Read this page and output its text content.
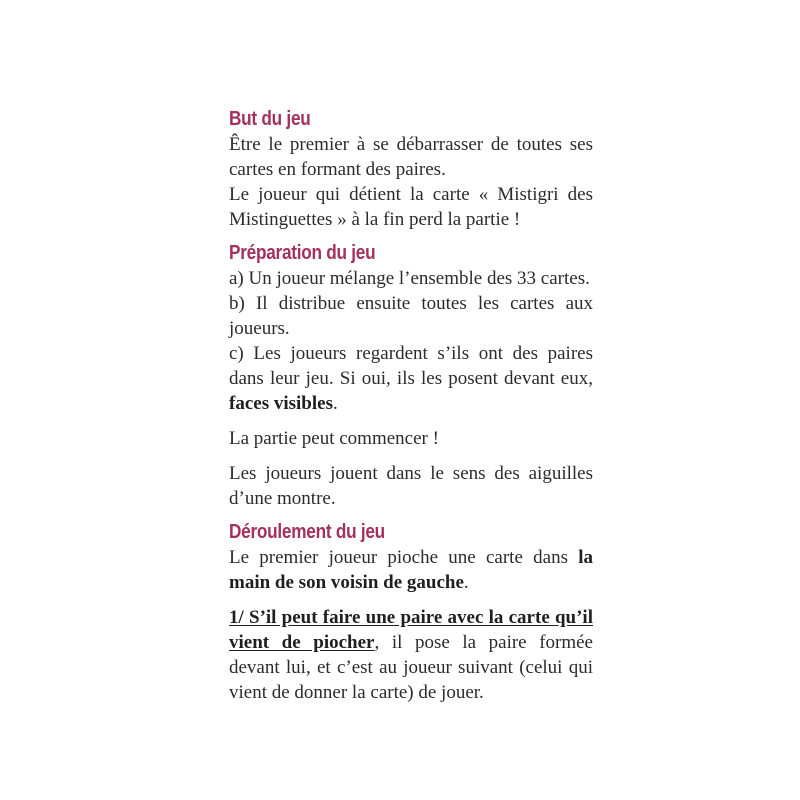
But du jeu

Être le premier à se débarrasser de toutes ses cartes en formant des paires.

Le joueur qui détient la carte « Mistigri des Mistinguettes » à la fin perd la partie !

Préparation du jeu

a) Un joueur mélange l’ensemble des 33 cartes.

b) Il distribue ensuite toutes les cartes aux joueurs.

c) Les joueurs regardent s’ils ont des paires dans leur jeu. Si oui, ils les posent devant eux, faces visibles.

La partie peut commencer !

Les joueurs jouent dans le sens des aiguilles d’une montre.

Déroulement du jeu

Le premier joueur pioche une carte dans la main de son voisin de gauche.

1/ S’il peut faire une paire avec la carte qu’il vient de piocher, il pose la paire formée devant lui, et c’est au joueur suivant (celui qui vient de donner la carte) de jouer.
